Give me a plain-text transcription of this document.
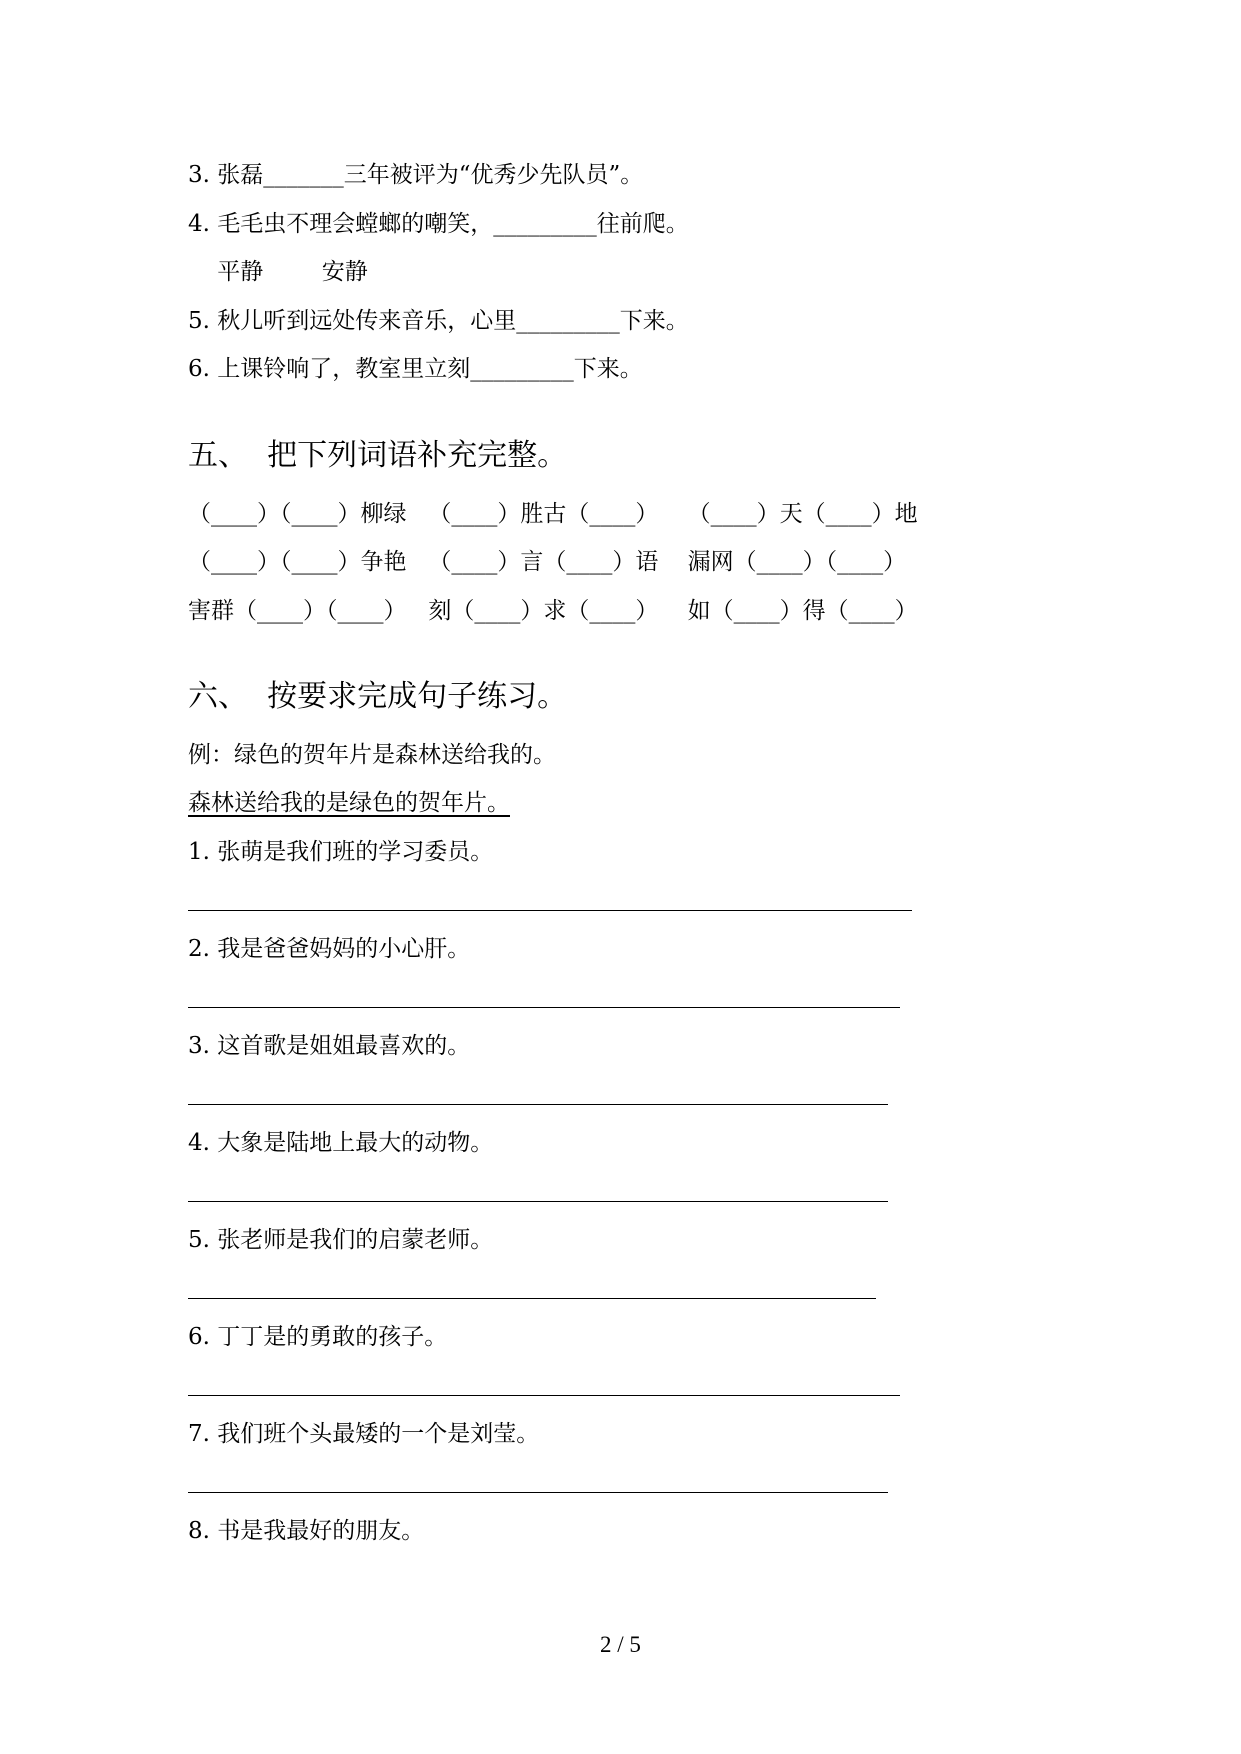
3. 张磊_______三年被评为“优秀少先队员”。
4. 毛毛虫不理会螳螂的嘲笑，_________往前爬。
平静        安静
5. 秋儿听到远处传来音乐，心里_________下来。
6. 上课铃响了，教室里立刻_________下来。
五、  把下列词语补充完整。
（____）（____）柳绿   （____）胜古（____）    （____）天（____）地
（____）（____）争艳   （____）言（____）语    漏网（____）（____）
害群（____）（____）   刻（____）求（____）    如（____）得（____）
六、  按要求完成句子练习。
例：绿色的贺年片是森林送给我的。
森林送给我的是绿色的贺年片。
1. 张萌是我们班的学习委员。
2. 我是爸爸妈妈的小心肝。
3. 这首歌是姐姐最喜欢的。
4. 大象是陆地上最大的动物。
5. 张老师是我们的启蒙老师。
6. 丁丁是的勇敢的孩子。
7. 我们班个头最矮的一个是刘莹。
8. 书是我最好的朋友。
2 / 5
